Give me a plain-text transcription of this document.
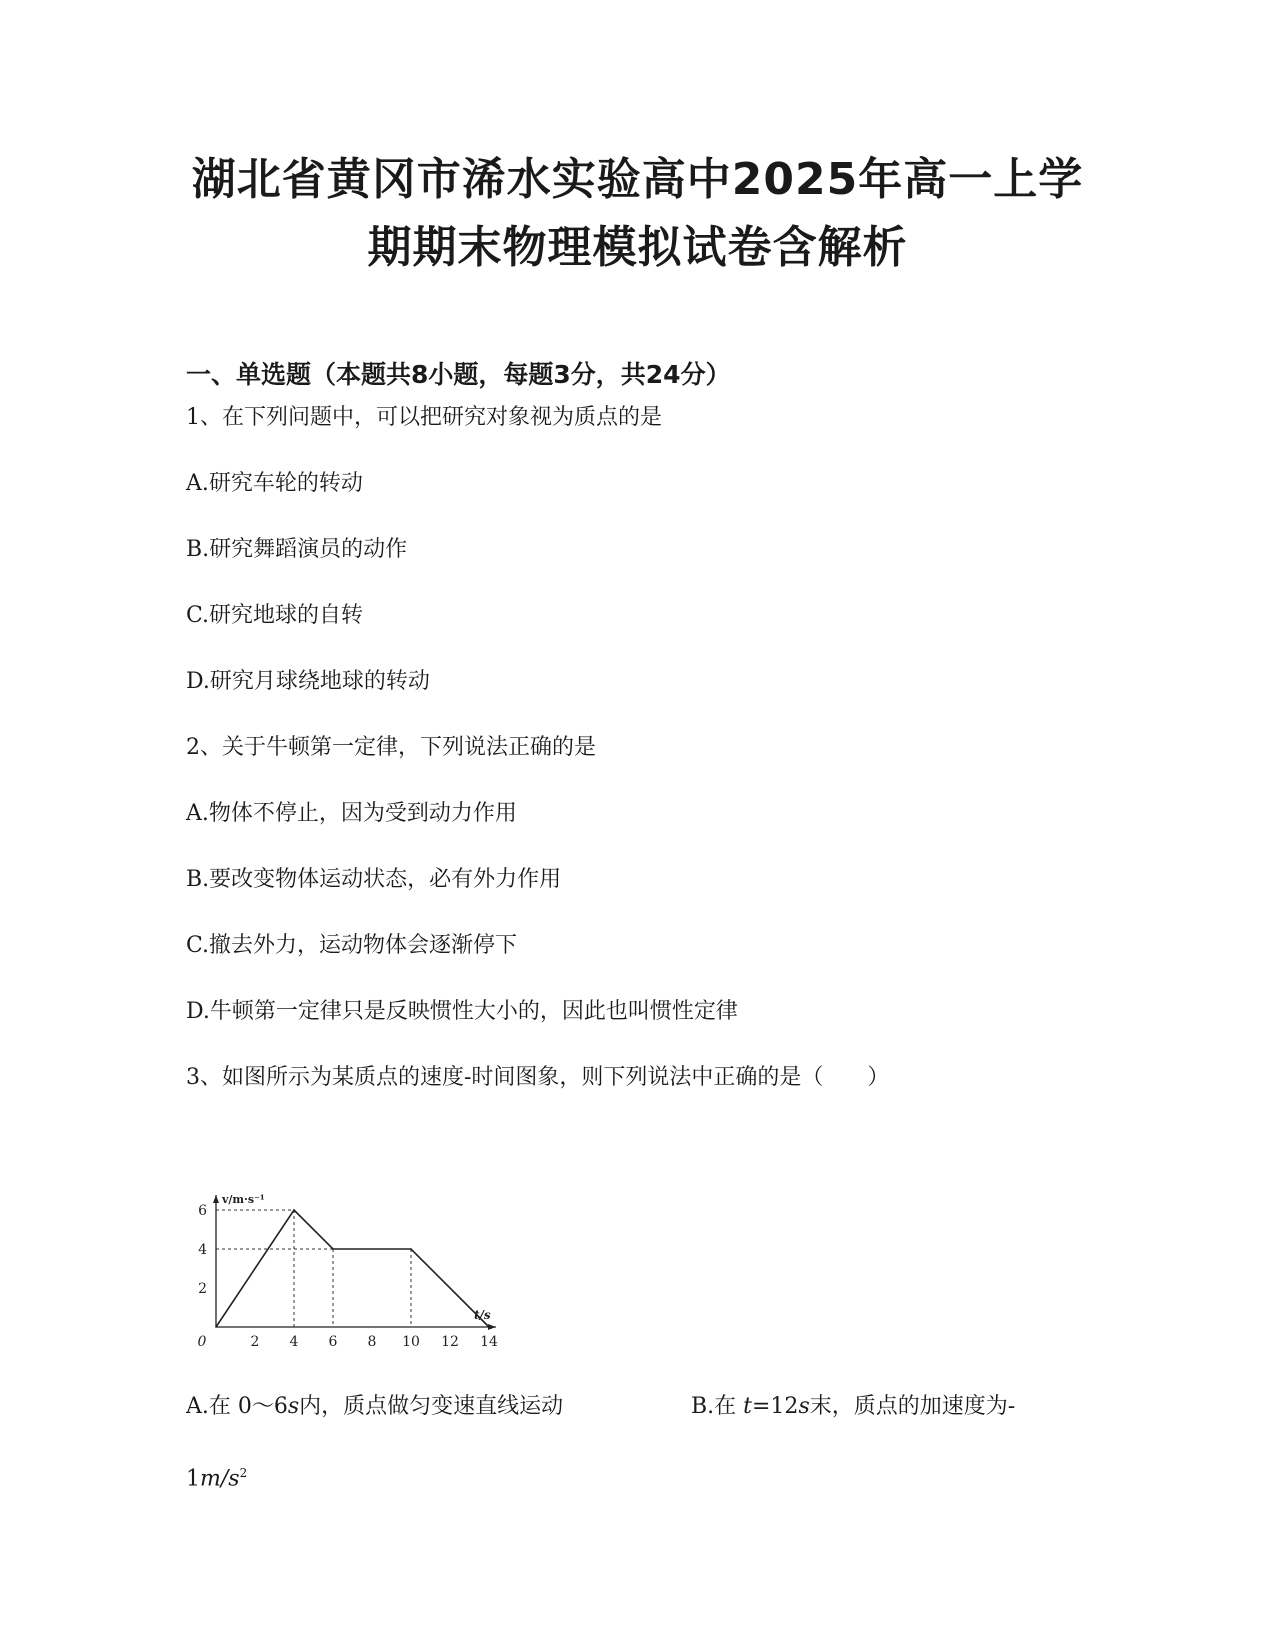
湖北省黄冈市浠水实验高中2025年高一上学
期期末物理模拟试卷含解析
一、单选题（本题共8小题，每题3分，共24分）
1、在下列问题中，可以把研究对象视为质点的是
A.研究车轮的转动
B.研究舞蹈演员的动作
C.研究地球的自转
D.研究月球绕地球的转动
2、关于牛顿第一定律，下列说法正确的是
A.物体不停止，因为受到动力作用
B.要改变物体运动状态，必有外力作用
C.撤去外力，运动物体会逐渐停下
D.牛顿第一定律只是反映惯性大小的，因此也叫惯性定律
3、如图所示为某质点的速度-时间图象，则下列说法中正确的是（　　）
0	2 4 6 8 10 12 14
2
4
6
v/m·s⁻¹
t/s
A.在 0～6s内，质点做匀变速直线运动	B.在 t=12s末，质点的加速度为-
$1m/s^2$
